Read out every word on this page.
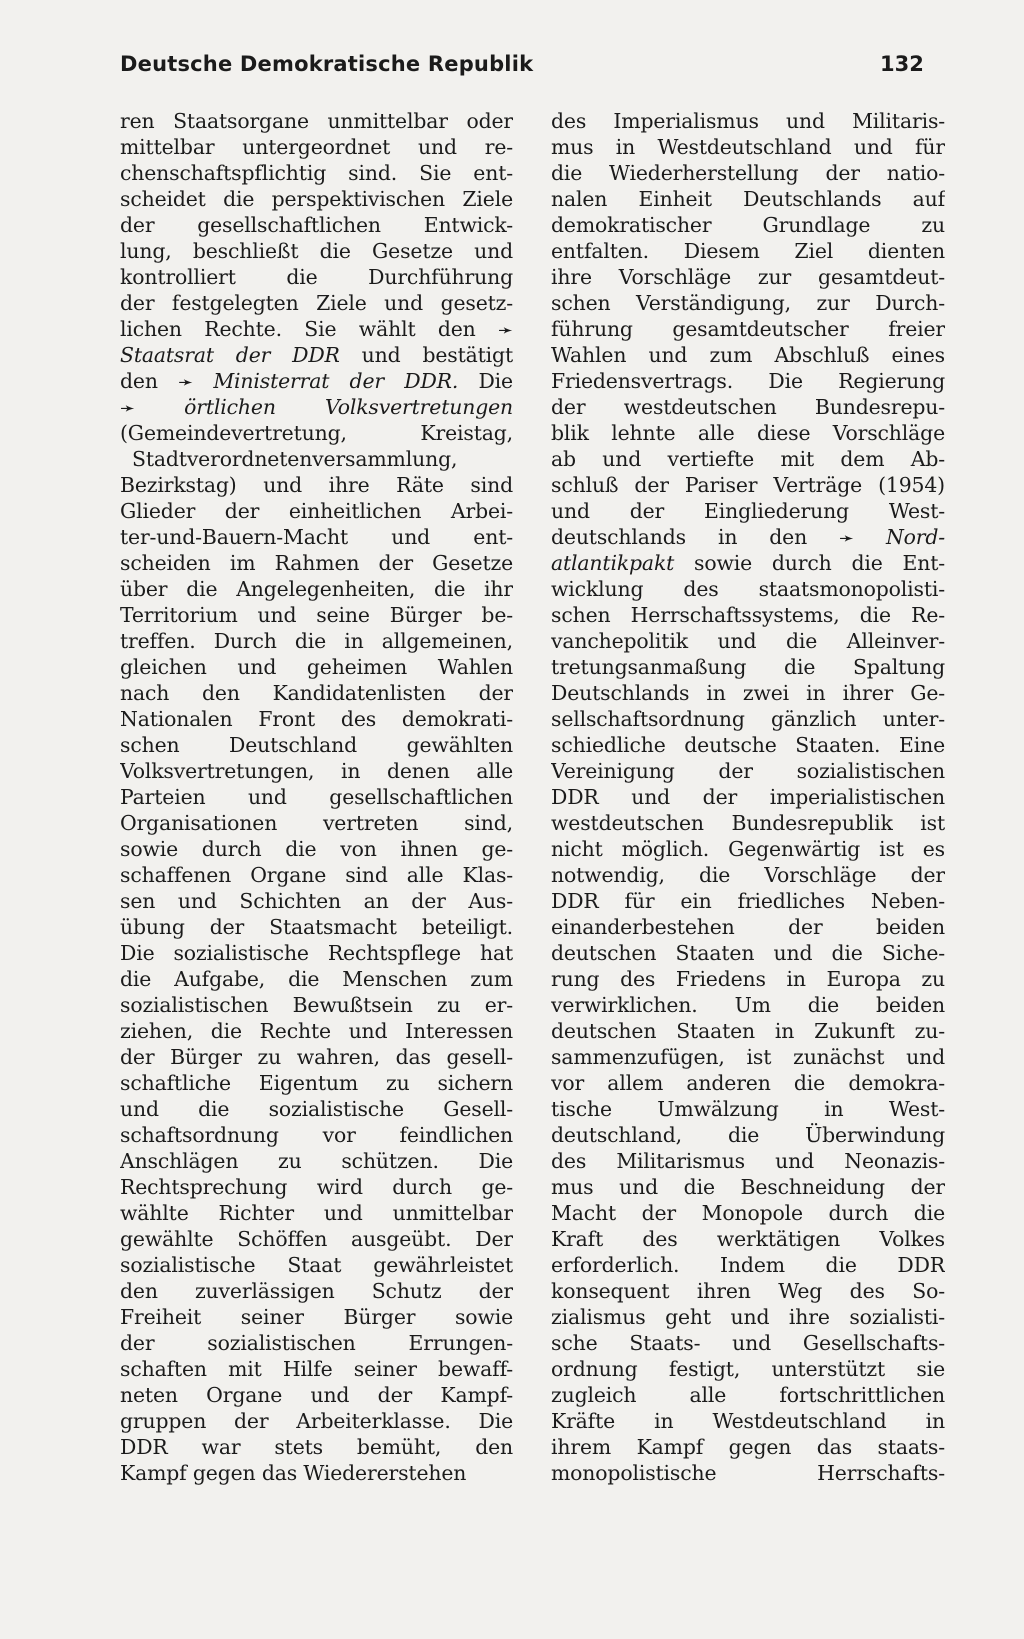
Deutsche Demokratische Republik	132
ren Staatsorgane unmittelbar oder
mittelbar untergeordnet und re-
chenschaftspflichtig sind. Sie ent-
scheidet die perspektivischen Ziele
der gesellschaftlichen Entwick-
lung, beschließt die Gesetze und
kontrolliert die Durchführung
der festgelegten Ziele und gesetz-
lichen Rechte. Sie wählt den ➛
Staatsrat der DDR und bestätigt
den ➛ Ministerrat der DDR. Die
➛ örtlichen Volksvertretungen
(Gemeindevertretung, Kreistag,
Stadtverordnetenversammlung,
Bezirkstag) und ihre Räte sind
Glieder der einheitlichen Arbei-
ter-und-Bauern-Macht und ent-
scheiden im Rahmen der Gesetze
über die Angelegenheiten, die ihr
Territorium und seine Bürger be-
treffen. Durch die in allgemeinen,
gleichen und geheimen Wahlen
nach den Kandidatenlisten der
Nationalen Front des demokrati-
schen Deutschland gewählten
Volksvertretungen, in denen alle
Parteien und gesellschaftlichen
Organisationen vertreten sind,
sowie durch die von ihnen ge-
schaffenen Organe sind alle Klas-
sen und Schichten an der Aus-
übung der Staatsmacht beteiligt.
Die sozialistische Rechtspflege hat
die Aufgabe, die Menschen zum
sozialistischen Bewußtsein zu er-
ziehen, die Rechte und Interessen
der Bürger zu wahren, das gesell-
schaftliche Eigentum zu sichern
und die sozialistische Gesell-
schaftsordnung vor feindlichen
Anschlägen zu schützen. Die
Rechtsprechung wird durch ge-
wählte Richter und unmittelbar
gewählte Schöffen ausgeübt. Der
sozialistische Staat gewährleistet
den zuverlässigen Schutz der
Freiheit seiner Bürger sowie
der sozialistischen Errungen-
schaften mit Hilfe seiner bewaff-
neten Organe und der Kampf-
gruppen der Arbeiterklasse. Die
DDR war stets bemüht, den
Kampf gegen das Wiedererstehen
des Imperialismus und Militaris-
mus in Westdeutschland und für
die Wiederherstellung der natio-
nalen Einheit Deutschlands auf
demokratischer Grundlage zu
entfalten. Diesem Ziel dienten
ihre Vorschläge zur gesamtdeut-
schen Verständigung, zur Durch-
führung gesamtdeutscher freier
Wahlen und zum Abschluß eines
Friedensvertrags. Die Regierung
der westdeutschen Bundesrepu-
blik lehnte alle diese Vorschläge
ab und vertiefte mit dem Ab-
schluß der Pariser Verträge (1954)
und der Eingliederung West-
deutschlands in den ➛ Nord-
atlantikpakt sowie durch die Ent-
wicklung des staatsmonopolisti-
schen Herrschaftssystems, die Re-
vanchepolitik und die Alleinver-
tretungsanmaßung die Spaltung
Deutschlands in zwei in ihrer Ge-
sellschaftsordnung gänzlich unter-
schiedliche deutsche Staaten. Eine
Vereinigung der sozialistischen
DDR und der imperialistischen
westdeutschen Bundesrepublik ist
nicht möglich. Gegenwärtig ist es
notwendig, die Vorschläge der
DDR für ein friedliches Neben-
einanderbestehen der beiden
deutschen Staaten und die Siche-
rung des Friedens in Europa zu
verwirklichen. Um die beiden
deutschen Staaten in Zukunft zu-
sammenzufügen, ist zunächst und
vor allem anderen die demokra-
tische Umwälzung in West-
deutschland, die Überwindung
des Militarismus und Neonazis-
mus und die Beschneidung der
Macht der Monopole durch die
Kraft des werktätigen Volkes
erforderlich. Indem die DDR
konsequent ihren Weg des So-
zialismus geht und ihre sozialisti-
sche Staats- und Gesellschafts-
ordnung festigt, unterstützt sie
zugleich alle fortschrittlichen
Kräfte in Westdeutschland in
ihrem Kampf gegen das staats-
monopolistische Herrschafts-
